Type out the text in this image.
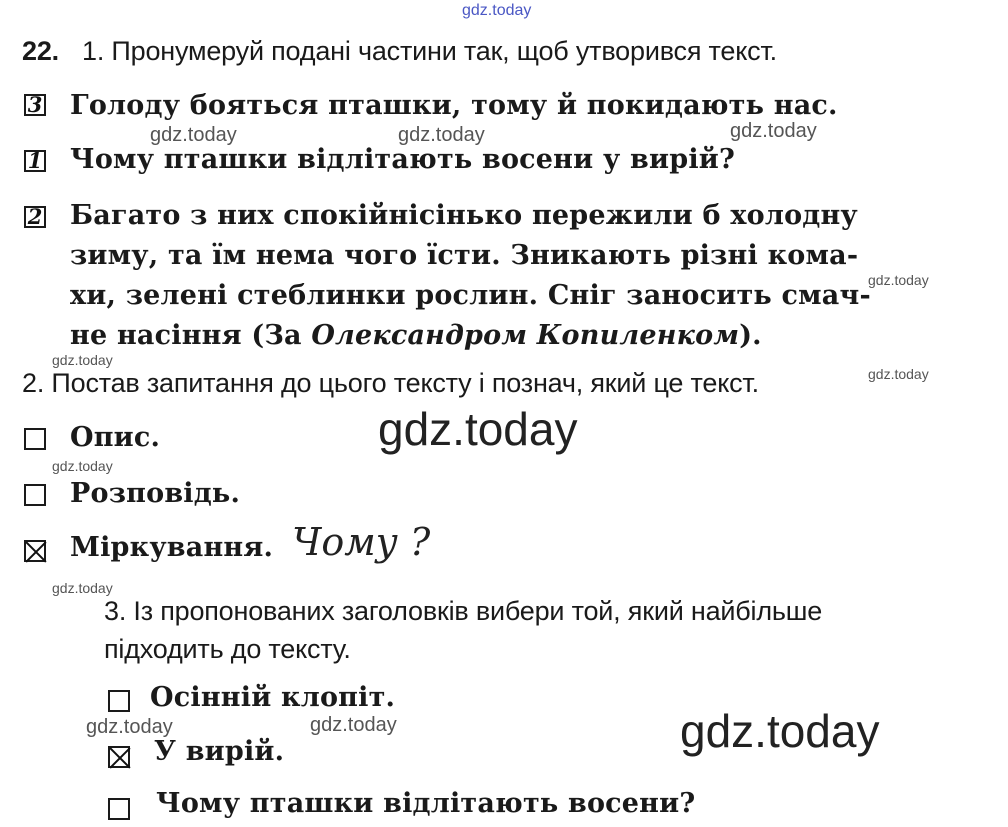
gdz.today
22. 1. Пронумеруй подані частини так, щоб утворився текст.
3 Голоду бояться пташки, тому й покидають нас.
gdz.today	gdz.today	gdz.today
1 Чому пташки відлітають восени у вирій?
2 Багато з них спокійнісінько пережили б холодну
зиму, та їм нема чого їсти. Зникають різні кома-
хи, зелені стеблинки рослин. Сніг заносить смач-
не насіння (За Олександром Копиленком).
gdz.today
gdz.today
gdz.today
2. Постав запитання до цього тексту і познач, який це текст.
gdz.today
Опис.
gdz.today
Розповідь.
Міркування. Чому ?
gdz.today
3. Із пропонованих заголовків вибери той, який найбільше
підходить до тексту.
Осінній клопіт.
gdz.today	gdz.today	gdz.today
У вирій.
Чому пташки відлітають восени?
